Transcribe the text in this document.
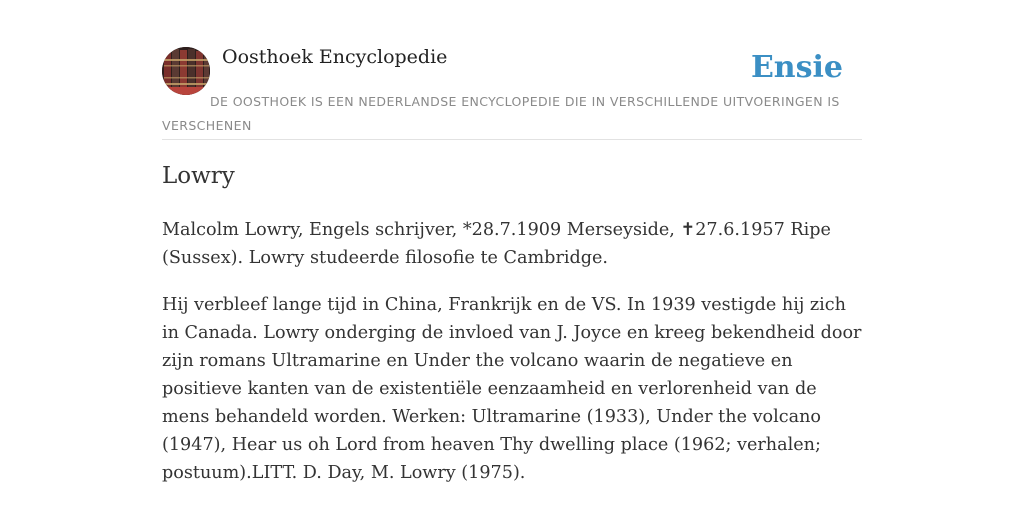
Oosthoek Encyclopedie	Ensie

DE OOSTHOEK IS EEN NEDERLANDSE ENCYCLOPEDIE DIE IN VERSCHILLENDE UITVOERINGEN IS VERSCHENEN

Lowry

Malcolm Lowry, Engels schrijver, *28.7.1909 Merseyside, ✝27.6.1957 Ripe (Sussex). Lowry studeerde filosofie te Cambridge.

Hij verbleef lange tijd in China, Frankrijk en de VS. In 1939 vestigde hij zich in Canada. Lowry onderging de invloed van J. Joyce en kreeg bekendheid door zijn romans Ultramarine en Under the volcano waarin de negatieve en positieve kanten van de existentiële eenzaamheid en verlorenheid van de mens behandeld worden. Werken: Ultramarine (1933), Under the volcano (1947), Hear us oh Lord from heaven Thy dwelling place (1962; verhalen; postuum).LITT. D. Day, M. Lowry (1975).
